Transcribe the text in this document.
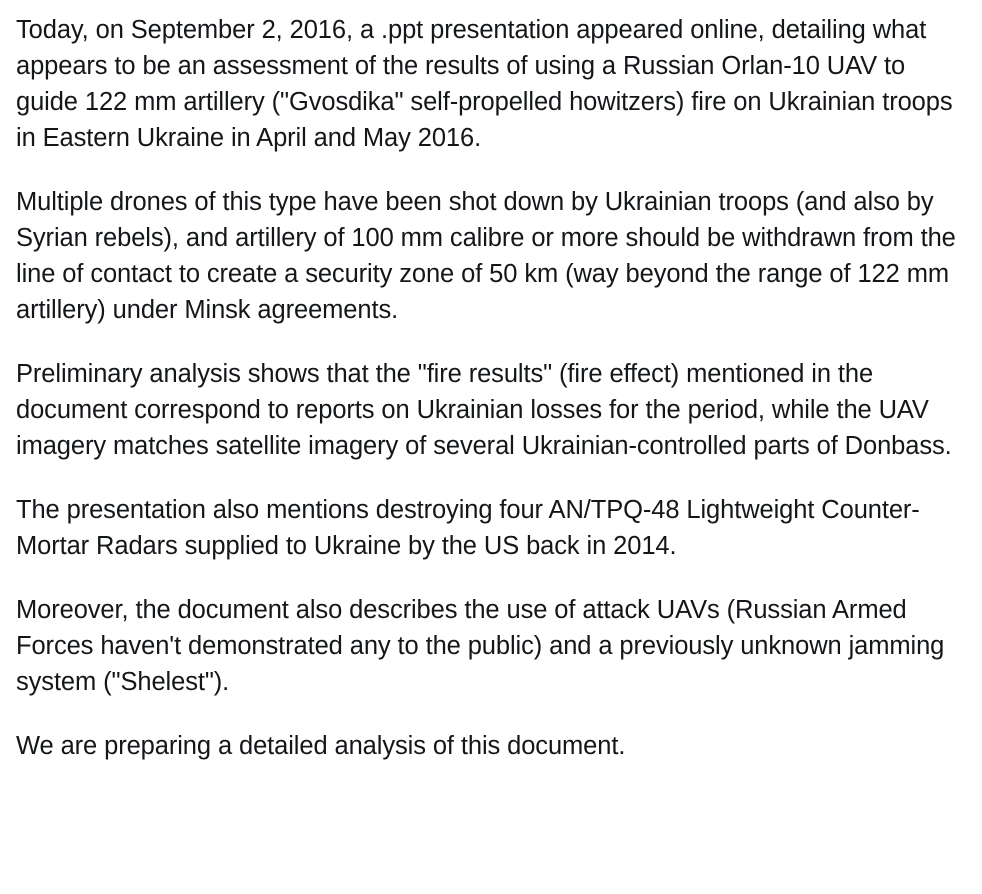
Today, on September 2, 2016, a .ppt presentation appeared online, detailing what appears to be an assessment of the results of using a Russian Orlan-10 UAV to guide 122 mm artillery ("Gvosdika" self-propelled howitzers) fire on Ukrainian troops in Eastern Ukraine in April and May 2016.

Multiple drones of this type have been shot down by Ukrainian troops (and also by Syrian rebels), and artillery of 100 mm calibre or more should be withdrawn from the line of contact to create a security zone of 50 km (way beyond the range of 122 mm artillery) under Minsk agreements.

Preliminary analysis shows that the "fire results" (fire effect) mentioned in the document correspond to reports on Ukrainian losses for the period, while the UAV imagery matches satellite imagery of several Ukrainian-controlled parts of Donbass.

The presentation also mentions destroying four AN/TPQ-48 Lightweight Counter-Mortar Radars supplied to Ukraine by the US back in 2014.

Moreover, the document also describes the use of attack UAVs (Russian Armed Forces haven't demonstrated any to the public) and a previously unknown jamming system ("Shelest").

We are preparing a detailed analysis of this document.
